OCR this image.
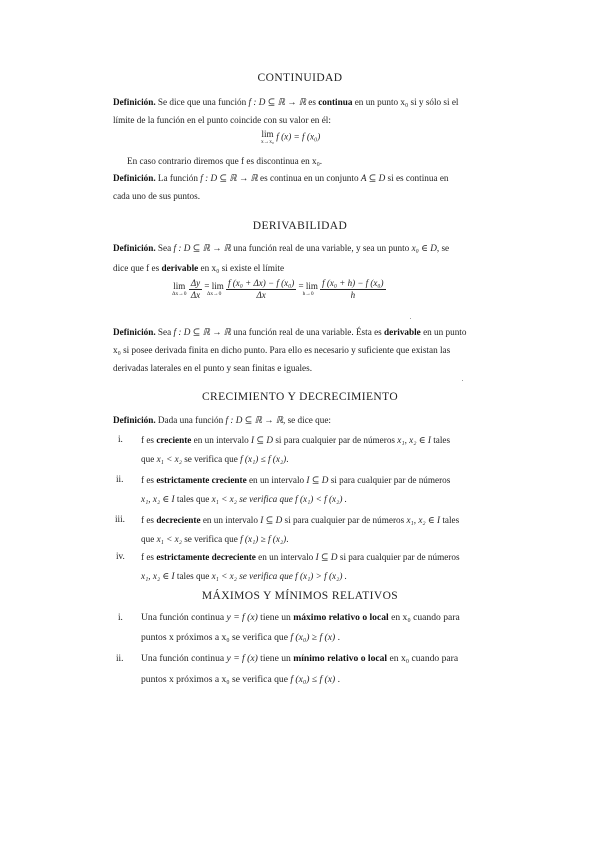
CONTINUIDAD
Definición. Se dice que una función f : D ⊆ ℝ → ℝ es continua en un punto x₀ si y sólo si el
límite de la función en el punto coincide con su valor en él:
lim
x→x₀
f (x) = f (x₀)
En caso contrario diremos que f es discontinua en x₀.
Definición. La función f : D ⊆ ℝ → ℝ es continua en un conjunto A ⊆ D si es continua en
cada uno de sus puntos.
DERIVABILIDAD
Definición. Sea f : D ⊆ ℝ → ℝ una función real de una variable, y sea un punto x₀ ∈ D, se
dice que f es derivable en x₀ si existe el límite
lim
Δx→0
$\frac{\Delta y}{\Delta x} = \lim$
Δx→0
$\frac{\text{f (x₀ + Δx) − f (x₀)}}{\Delta x} = \lim$
h→0
$\frac{\text{f (x₀ + h) − f (x₀)}}{h}$
Definición. Sea f : D ⊆ ℝ → ℝ una función real de una variable. Ésta es derivable en un punto
x₀ si posee derivada finita en dicho punto. Para ello es necesario y suficiente que existan las
derivadas laterales en el punto y sean finitas e iguales.
CRECIMIENTO Y DECRECIMIENTO
Definición. Dada una función f : D ⊆ ℝ → ℝ, se dice que:
i. f es creciente en un intervalo I ⊆ D si para cualquier par de números x₁, x₂ ∈ I tales
que x₁ < x₂ se verifica que f (x₁) ≤ f (x₂).
ii. f es estrictamente creciente en un intervalo I ⊆ D si para cualquier par de números
x₁, x₂ ∈ I tales que x₁ < x₂ se verifica que f (x₁) < f (x₂) .
iii. f es decreciente en un intervalo I ⊆ D si para cualquier par de números x₁, x₂ ∈ I tales
que x₁ < x₂ se verifica que f (x₁) ≥ f (x₂).
iv. f es estrictamente decreciente en un intervalo I ⊆ D si para cualquier par de números
x₁, x₂ ∈ I tales que x₁ < x₂ se verifica que f (x₁) > f (x₂) .
MÁXIMOS Y MÍNIMOS RELATIVOS
i. Una función continua y = f (x) tiene un máximo relativo o local en x₀ cuando para
puntos x próximos a x₀ se verifica que f (x₀) ≥ f (x) .
ii. Una función continua y = f (x) tiene un mínimo relativo o local en x₀ cuando para
puntos x próximos a x₀ se verifica que f (x₀) ≤ f (x) .
